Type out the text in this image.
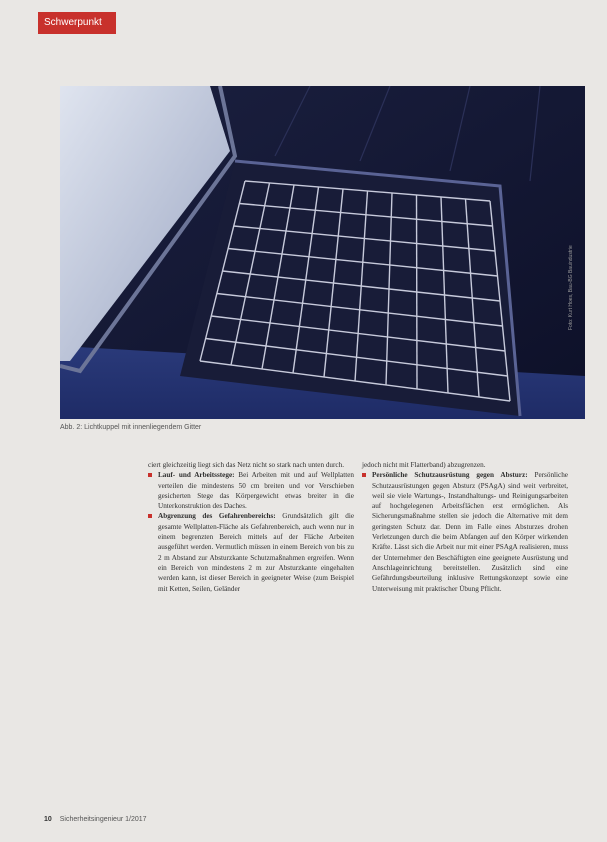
Schwerpunkt
Foto: Kurt Hoes, Bau-BG Bauindustrie
Abb. 2: Lichtkuppel mit innenliegendem Gitter

ciert gleichzeitig liegt sich das Netz nicht so stark nach unten durch.

Lauf- und Arbeitsstege: Bei Arbeiten mit und auf Wellplatten verteilen die mindestens 50 cm breiten und vor Verschieben gesicherten Stege das Körpergewicht etwas breiter in die Unterkonstruktion des Daches.

Abgrenzung des Gefahrenbereichs: Grundsätzlich gilt die gesamte Wellplatten-Fläche als Gefahrenbereich, auch wenn nur in einem begrenzten Bereich mittels auf der Fläche Arbeiten ausgeführt werden. Vermutlich müssen in einem Bereich von bis zu 2 m Abstand zur Absturzkante Schutzmaßnahmen ergreifen. Wenn ein Bereich von mindestens 2 m zur Absturzkante eingehalten werden kann, ist dieser Bereich in geeigneter Weise (zum Beispiel mit Ketten, Seilen, Geländer

jedoch nicht mit Flatterband) abzugrenzen.

Persönliche Schutzausrüstung gegen Absturz: Persönliche Schutzausrüstungen gegen Absturz (PSAgA) sind weit verbreitet, weil sie viele Wartungs-, Instandhaltungs- und Reinigungsarbeiten auf hochgelegenen Arbeitsflächen erst ermöglichen. Als Sicherungsmaßnahme stellen sie jedoch die Alternative mit dem geringsten Schutz dar. Denn im Falle eines Absturzes drohen Verletzungen durch die beim Abfangen auf den Körper wirkenden Kräfte. Lässt sich die Arbeit nur mit einer PSAgA realisieren, muss der Unternehmer den Beschäftigten eine geeignete Ausrüstung und Anschlageinrichtung bereitstellen. Zusätzlich sind eine Gefährdungsbeurteilung inklusive Rettungskonzept sowie eine Unterweisung mit praktischer Übung Pflicht.

10 Sicherheitsingenieur 1/2017
